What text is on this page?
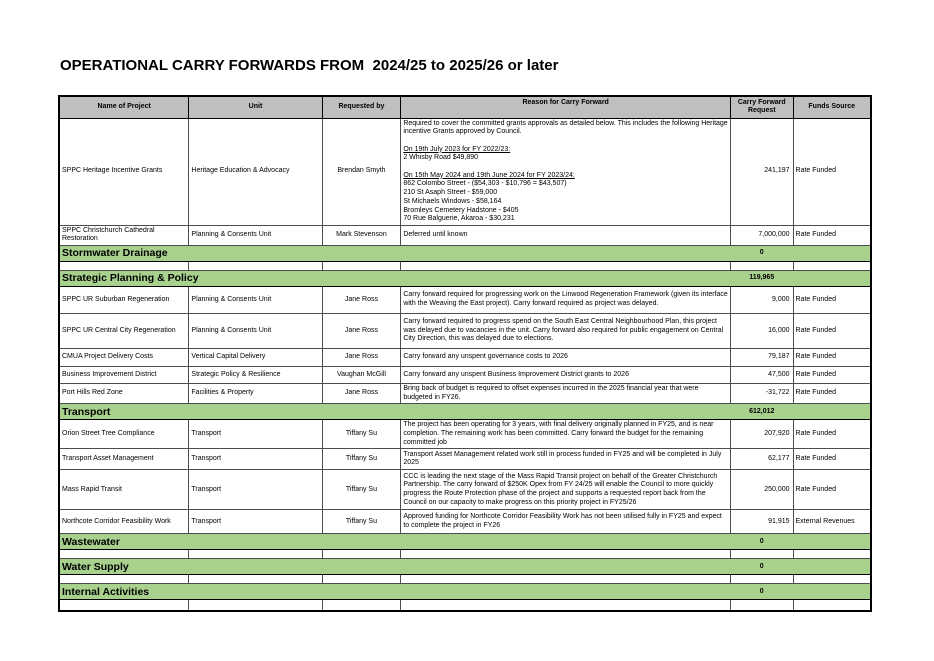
OPERATIONAL CARRY FORWARDS FROM  2024/25 to 2025/26 or later
Name of Project	Unit	Requested by	Reason for Carry Forward	Carry Forward Request	Funds Source
SPPC Heritage Incentive Grants	Heritage Education & Advocacy	Brendan Smyth	
Required to cover the committed grants approvals as detailed below. This includes the following Heritage incentive Grants approved by Council.
On 19th July 2023 for FY 2022/23:
2 Whisby Road $49,890
On 15th May 2024 and 19th June 2024 for FY 2023/24:
862 Colombo Street - ($54,303 - $10,796 = $43,507)
210 St Asaph Street - $59,000
St Michaels Windows - $58,164
Bromleys Cemetery Hadstone - $405
70 Rue Balguerie, Akaroa - $30,231
	241,197	Rate Funded
SPPC Christchurch Cathedral Restoration	Planning & Consents Unit	Mark Stevenson	Deferred until known	7,000,000	Rate Funded
Stormwater Drainage				0	

Strategic Planning & Policy				119,965	
SPPC UR Suburban Regeneration	Planning & Consents Unit	Jane Ross	Carry forward required for progressing work on the Linwood Regeneration Framework (given its interface with the Weaving the East project). Carry forward required as project was delayed.	9,000	Rate Funded
SPPC UR Central City Regeneration	Planning & Consents Unit	Jane Ross	Carry forward required to progress spend on the South East Central Neighbourhood Plan, this project was delayed due to vacancies in the unit. Carry forward also required for public engagement on Central City Direction, this was delayed due to elections.	16,000	Rate Funded
CMUA Project Delivery Costs	Vertical Capital Delivery	Jane Ross	Carry forward any unspent governance costs to 2026	79,187	Rate Funded
Business Improvement District	Strategic Policy & Resilience	Vaughan McGill	Carry forward any unspent Business Improvement District grants to 2026	47,500	Rate Funded
Port Hills Red Zone	Facilities & Property	Jane Ross	Bring back of budget is required to offset expenses incurred in the 2025 financial year that were budgeted in FY26.	-31,722	Rate Funded
Transport				612,012	
Orion Street Tree Compliance	Transport	Tiffany Su	The project has been operating for 3 years, with final delivery originally planned in FY25, and is near completion. The remaining work has been committed. Carry forward the budget for the remaining committed job	207,920	Rate Funded
Transport Asset Management	Transport	Tiffany Su	Transport Asset Management related work still in process funded in FY25 and will be completed in July 2025	62,177	Rate Funded
Mass Rapid Transit	Transport	Tiffany Su	CCC is leading the next stage of the Mass Rapid Transit project on behalf of the Greater Christchurch Partnership. The carry forward of $250K Opex from FY 24/25 will enable the Council to more quickly progress the Route Protection phase of the project and supports a requested report back from the Council on our capacity to make progress on this priority project in FY25/26	250,000	Rate Funded
Northcote Corridor Feasibility Work	Transport	Tiffany Su	Approved funding for Northcote Corridor Feasibility Work has not been utilised fully in FY25 and expect to complete the project in FY26	91,915	External Revenues
Wastewater				0	

Water Supply				0	

Internal Activities				0	
